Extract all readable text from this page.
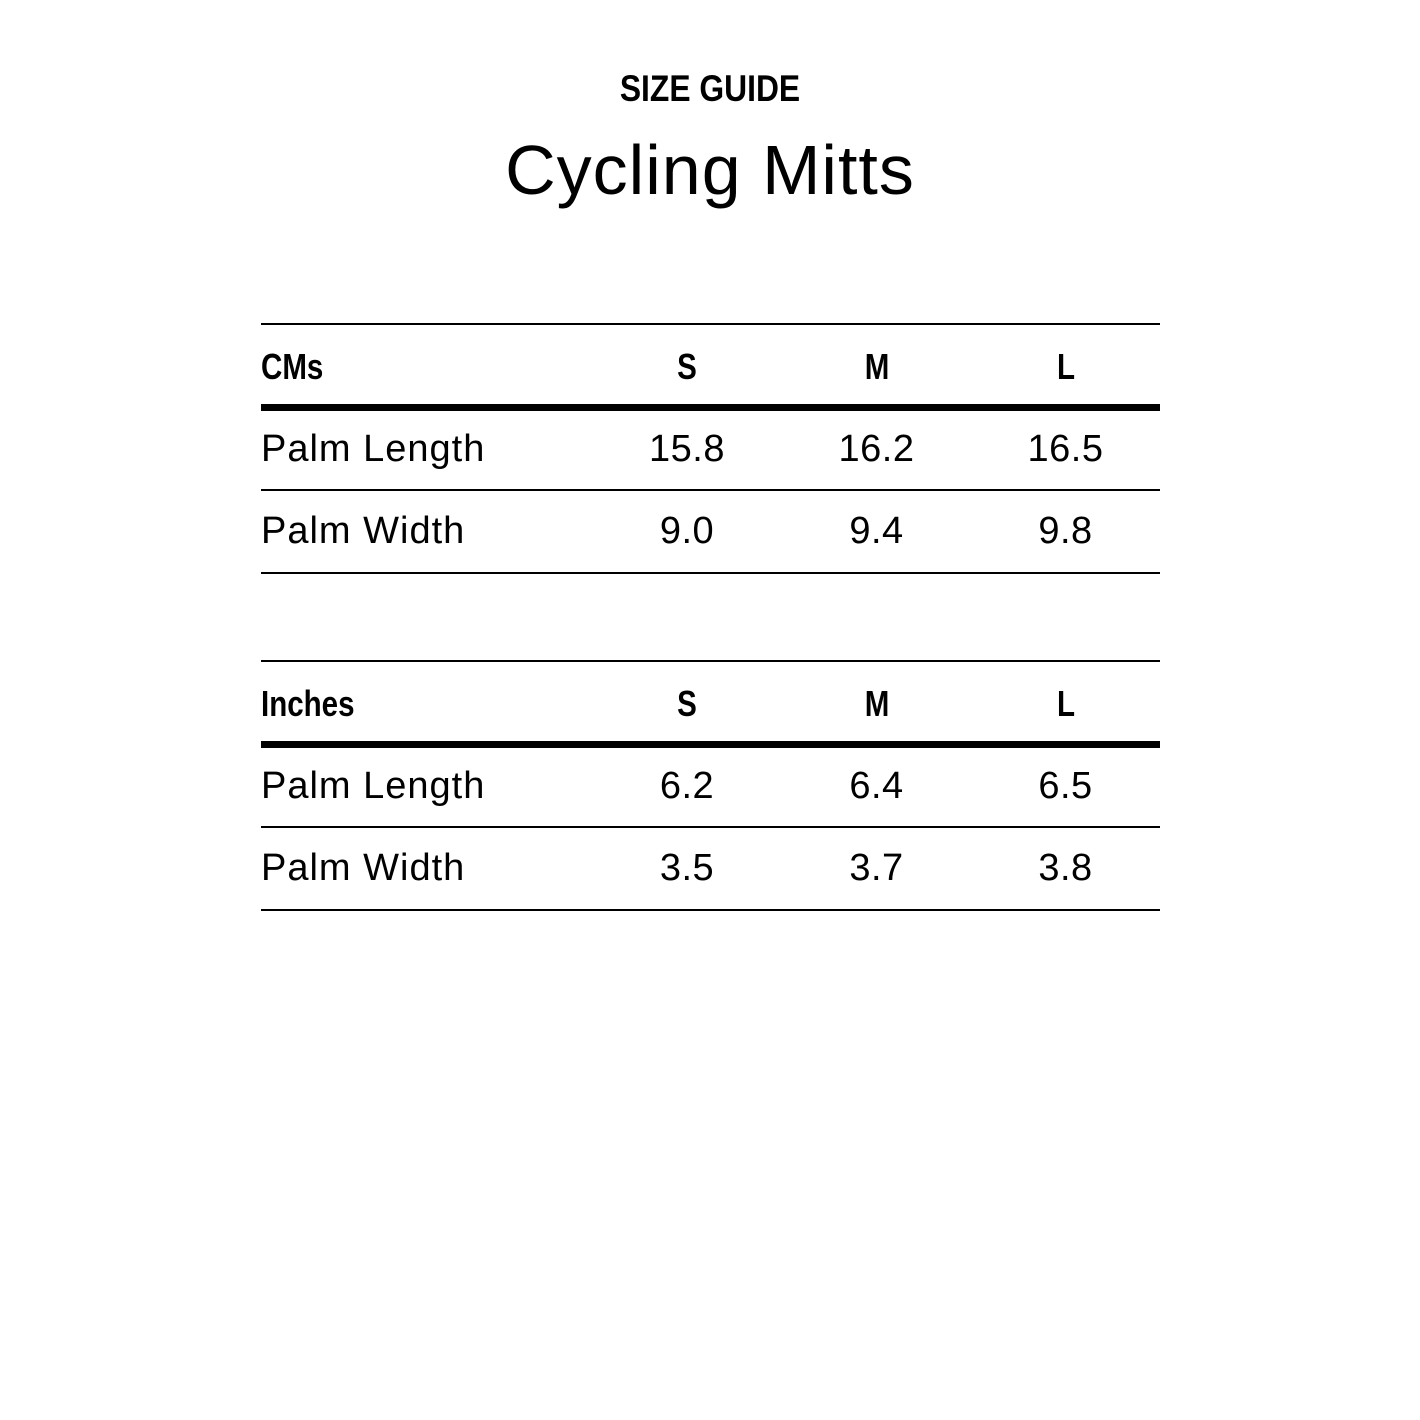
SIZE GUIDE
Cycling Mitts
CMs	S	M	L
Palm Length	15.8	16.2	16.5
Palm Width	9.0	9.4	9.8
Inches	S	M	L
Palm Length	6.2	6.4	6.5
Palm Width	3.5	3.7	3.8
